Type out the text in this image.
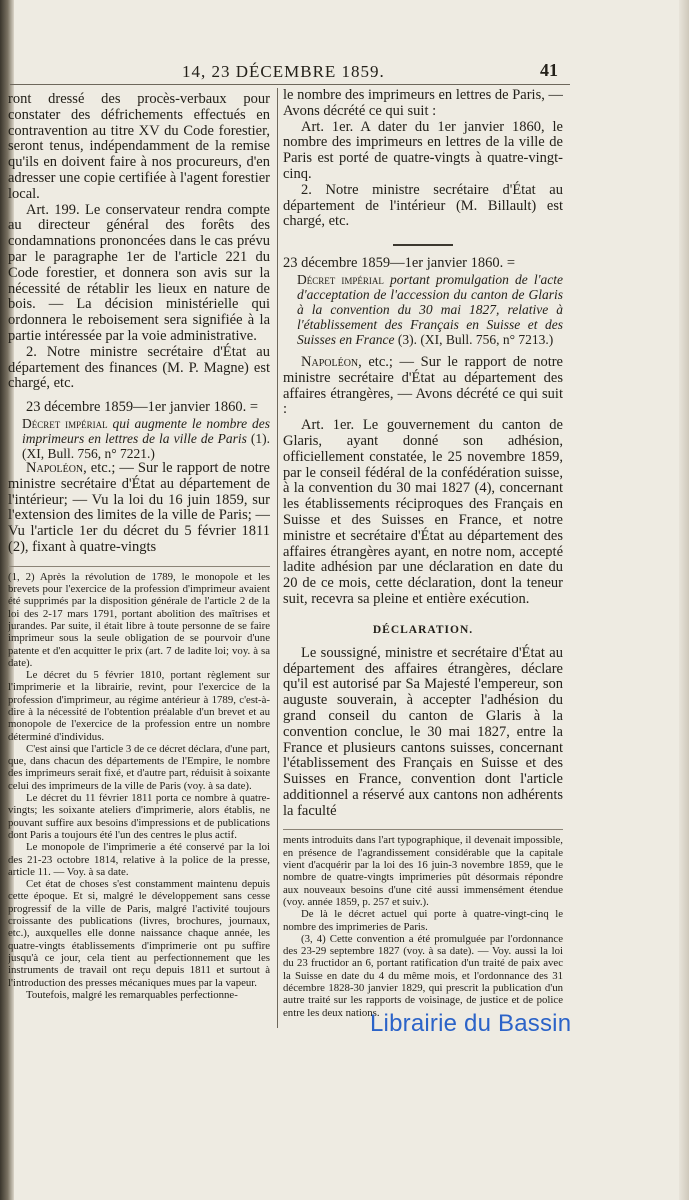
14, 23 DÉCEMBRE 1859.	41

ront dressé des procès-verbaux pour constater des défrichements effectués en contravention au titre XV du Code forestier, seront tenus, indépendamment de la remise qu'ils en doivent faire à nos procureurs, d'en adresser une copie certifiée à l'agent forestier local.

Art. 199. Le conservateur rendra compte au directeur général des forêts des condamnations prononcées dans le cas prévu par le paragraphe 1er de l'article 221 du Code forestier, et donnera son avis sur la nécessité de rétablir les lieux en nature de bois. — La décision ministérielle qui ordonnera le reboisement sera signifiée à la partie intéressée par la voie administrative.

2. Notre ministre secrétaire d'État au département des finances (M. P. Magne) est chargé, etc.

23 décembre 1859—1er janvier 1860. =

Décret impérial qui augmente le nombre des imprimeurs en lettres de la ville de Paris (1). (XI, Bull. 756, n° 7221.)

Napoléon, etc.; — Sur le rapport de notre ministre secrétaire d'État au département de l'intérieur; — Vu la loi du 16 juin 1859, sur l'extension des limites de la ville de Paris; — Vu l'article 1er du décret du 5 février 1811 (2), fixant à quatre-vingts

(1, 2) Après la révolution de 1789, le monopole et les brevets pour l'exercice de la profession d'imprimeur avaient été supprimés par la disposition générale de l'article 2 de la loi des 2-17 mars 1791, portant abolition des maîtrises et jurandes. Par suite, il était libre à toute personne de se faire imprimeur sous la seule obligation de se pourvoir d'une patente et d'en acquitter le prix (art. 7 de ladite loi; voy. à sa date).

Le décret du 5 février 1810, portant règlement sur l'imprimerie et la librairie, revint, pour l'exercice de la profession d'imprimeur, au régime antérieur à 1789, c'est-à-dire à la nécessité de l'obtention préalable d'un brevet et au monopole de l'exercice de la profession entre un nombre déterminé d'individus.

C'est ainsi que l'article 3 de ce décret déclara, d'une part, que, dans chacun des départements de l'Empire, le nombre des imprimeurs serait fixé, et d'autre part, réduisit à soixante celui des imprimeurs de la ville de Paris (voy. à sa date).

Le décret du 11 février 1811 porta ce nombre à quatre-vingts; les soixante ateliers d'imprimerie, alors établis, ne pouvant suffire aux besoins d'impressions et de publications dont Paris a toujours été l'un des centres le plus actif.

Le monopole de l'imprimerie a été conservé par la loi des 21-23 octobre 1814, relative à la police de la presse, article 11. — Voy. à sa date.

Cet état de choses s'est constamment maintenu depuis cette époque. Et si, malgré le développement sans cesse progressif de la ville de Paris, malgré l'activité toujours croissante des publications (livres, brochures, journaux, etc.), auxquelles elle donne naissance chaque année, les quatre-vingts établissements d'imprimerie ont pu suffire jusqu'à ce jour, cela tient au perfectionnement que les instruments de travail ont reçu depuis 1811 et surtout à l'introduction des presses mécaniques mues par la vapeur.

Toutefois, malgré les remarquables perfectionne-

le nombre des imprimeurs en lettres de Paris, — Avons décrété ce qui suit :

Art. 1er. A dater du 1er janvier 1860, le nombre des imprimeurs en lettres de la ville de Paris est porté de quatre-vingts à quatre-vingt-cinq.

2. Notre ministre secrétaire d'État au département de l'intérieur (M. Billault) est chargé, etc.

23 décembre 1859—1er janvier 1860. =

Décret impérial portant promulgation de l'acte d'acceptation de l'accession du canton de Glaris à la convention du 30 mai 1827, relative à l'établissement des Français en Suisse et des Suisses en France (3). (XI, Bull. 756, n° 7213.)

Napoléon, etc.; — Sur le rapport de notre ministre secrétaire d'État au département des affaires étrangères, — Avons décrété ce qui suit :

Art. 1er. Le gouvernement du canton de Glaris, ayant donné son adhésion, officiellement constatée, le 25 novembre 1859, par le conseil fédéral de la confédération suisse, à la convention du 30 mai 1827 (4), concernant les établissements réciproques des Français en Suisse et des Suisses en France, et notre ministre et secrétaire d'État au département des affaires étrangères ayant, en notre nom, accepté ladite adhésion par une déclaration en date du 20 de ce mois, cette déclaration, dont la teneur suit, recevra sa pleine et entière exécution.

DÉCLARATION.

Le soussigné, ministre et secrétaire d'État au département des affaires étrangères, déclare qu'il est autorisé par Sa Majesté l'empereur, son auguste souverain, à accepter l'adhésion du grand conseil du canton de Glaris à la convention conclue, le 30 mai 1827, entre la France et plusieurs cantons suisses, concernant l'établissement des Français en Suisse et des Suisses en France, convention dont l'article additionnel a réservé aux cantons non adhérents la faculté

ments introduits dans l'art typographique, il devenait impossible, en présence de l'agrandissement considérable que la capitale vient d'acquérir par la loi des 16 juin-3 novembre 1859, que le nombre de quatre-vingts imprimeries pût désormais répondre aux nouveaux besoins d'une cité aussi immensément étendue (voy. année 1859, p. 257 et suiv.).

De là le décret actuel qui porte à quatre-vingt-cinq le nombre des imprimeries de Paris.

(3, 4) Cette convention a été promulguée par l'ordonnance des 23-29 septembre 1827 (voy. à sa date). — Voy. aussi la loi du 23 fructidor an 6, portant ratification d'un traité de paix avec la Suisse en date du 4 du même mois, et l'ordonnance des 31 décembre 1828-30 janvier 1829, qui prescrit la publication d'un autre traité sur les rapports de voisinage, de justice et de police entre les deux nations.

Librairie du Bassin
